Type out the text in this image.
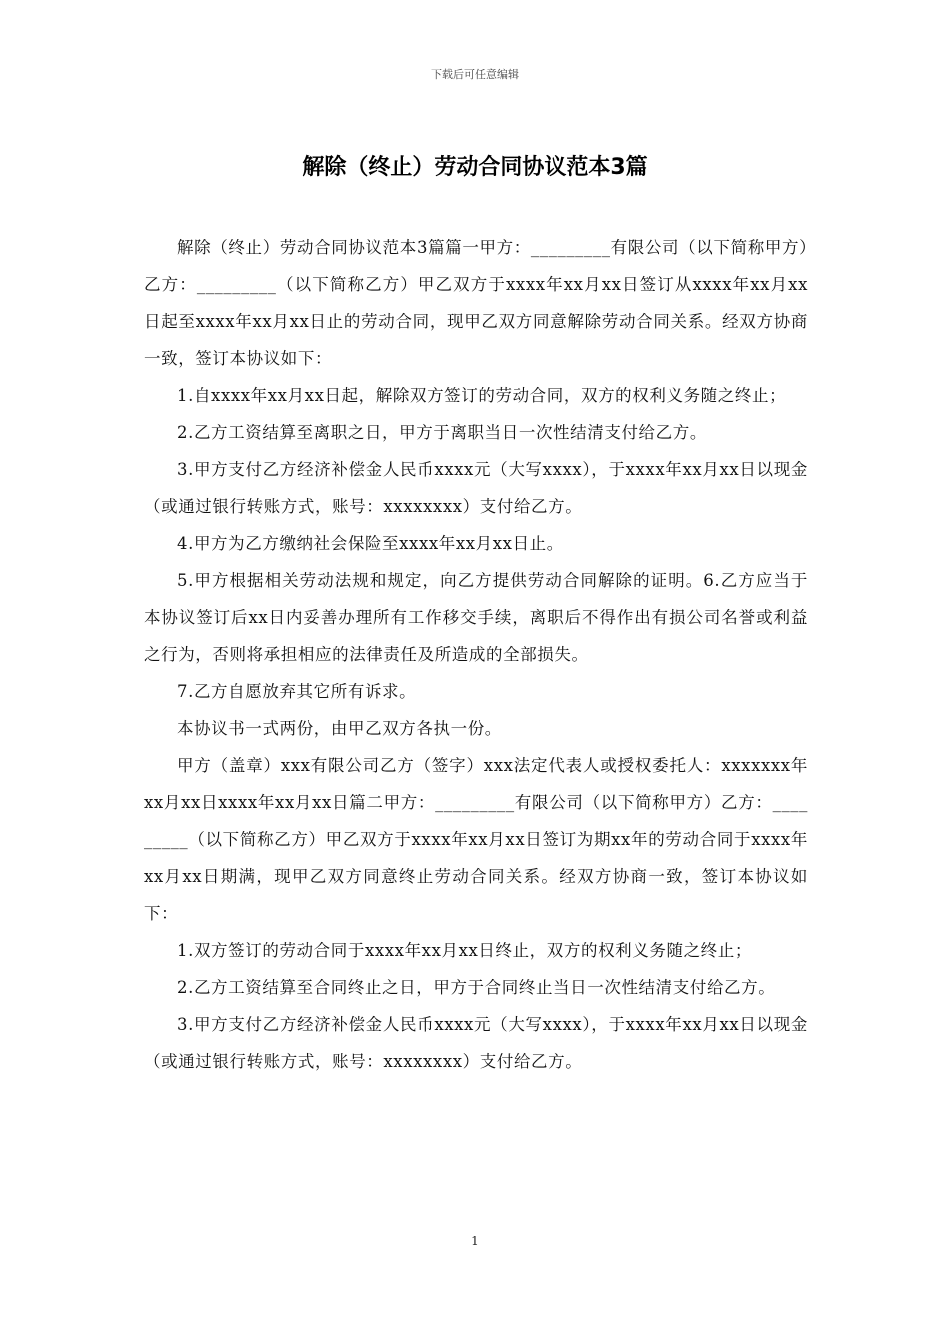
下载后可任意编辑
解除（终止）劳动合同协议范本3篇

解除（终止）劳动合同协议范本3篇篇一甲方：_________有限公司（以下简称甲方）乙方：_________（以下简称乙方）甲乙双方于xxxx年xx月xx日签订从xxxx年xx月xx日起至xxxx年xx月xx日止的劳动合同，现甲乙双方同意解除劳动合同关系。经双方协商一致，签订本协议如下：

1.自xxxx年xx月xx日起，解除双方签订的劳动合同，双方的权利义务随之终止；

2.乙方工资结算至离职之日，甲方于离职当日一次性结清支付给乙方。

3.甲方支付乙方经济补偿金人民币xxxx元（大写xxxx），于xxxx年xx月xx日以现金（或通过银行转账方式，账号：xxxxxxxx）支付给乙方。

4.甲方为乙方缴纳社会保险至xxxx年xx月xx日止。

5.甲方根据相关劳动法规和规定，向乙方提供劳动合同解除的证明。6.乙方应当于本协议签订后xx日内妥善办理所有工作移交手续，离职后不得作出有损公司名誉或利益之行为，否则将承担相应的法律责任及所造成的全部损失。

7.乙方自愿放弃其它所有诉求。

本协议书一式两份，由甲乙双方各执一份。

甲方（盖章）xxx有限公司乙方（签字）xxx法定代表人或授权委托人：xxxxxxx年xx月xx日xxxx年xx月xx日篇二甲方：_________有限公司（以下简称甲方）乙方：_________（以下简称乙方）甲乙双方于xxxx年xx月xx日签订为期xx年的劳动合同于xxxx年xx月xx日期满，现甲乙双方同意终止劳动合同关系。经双方协商一致，签订本协议如下：

1.双方签订的劳动合同于xxxx年xx月xx日终止，双方的权利义务随之终止；

2.乙方工资结算至合同终止之日，甲方于合同终止当日一次性结清支付给乙方。

3.甲方支付乙方经济补偿金人民币xxxx元（大写xxxx），于xxxx年xx月xx日以现金（或通过银行转账方式，账号：xxxxxxxx）支付给乙方。

1
